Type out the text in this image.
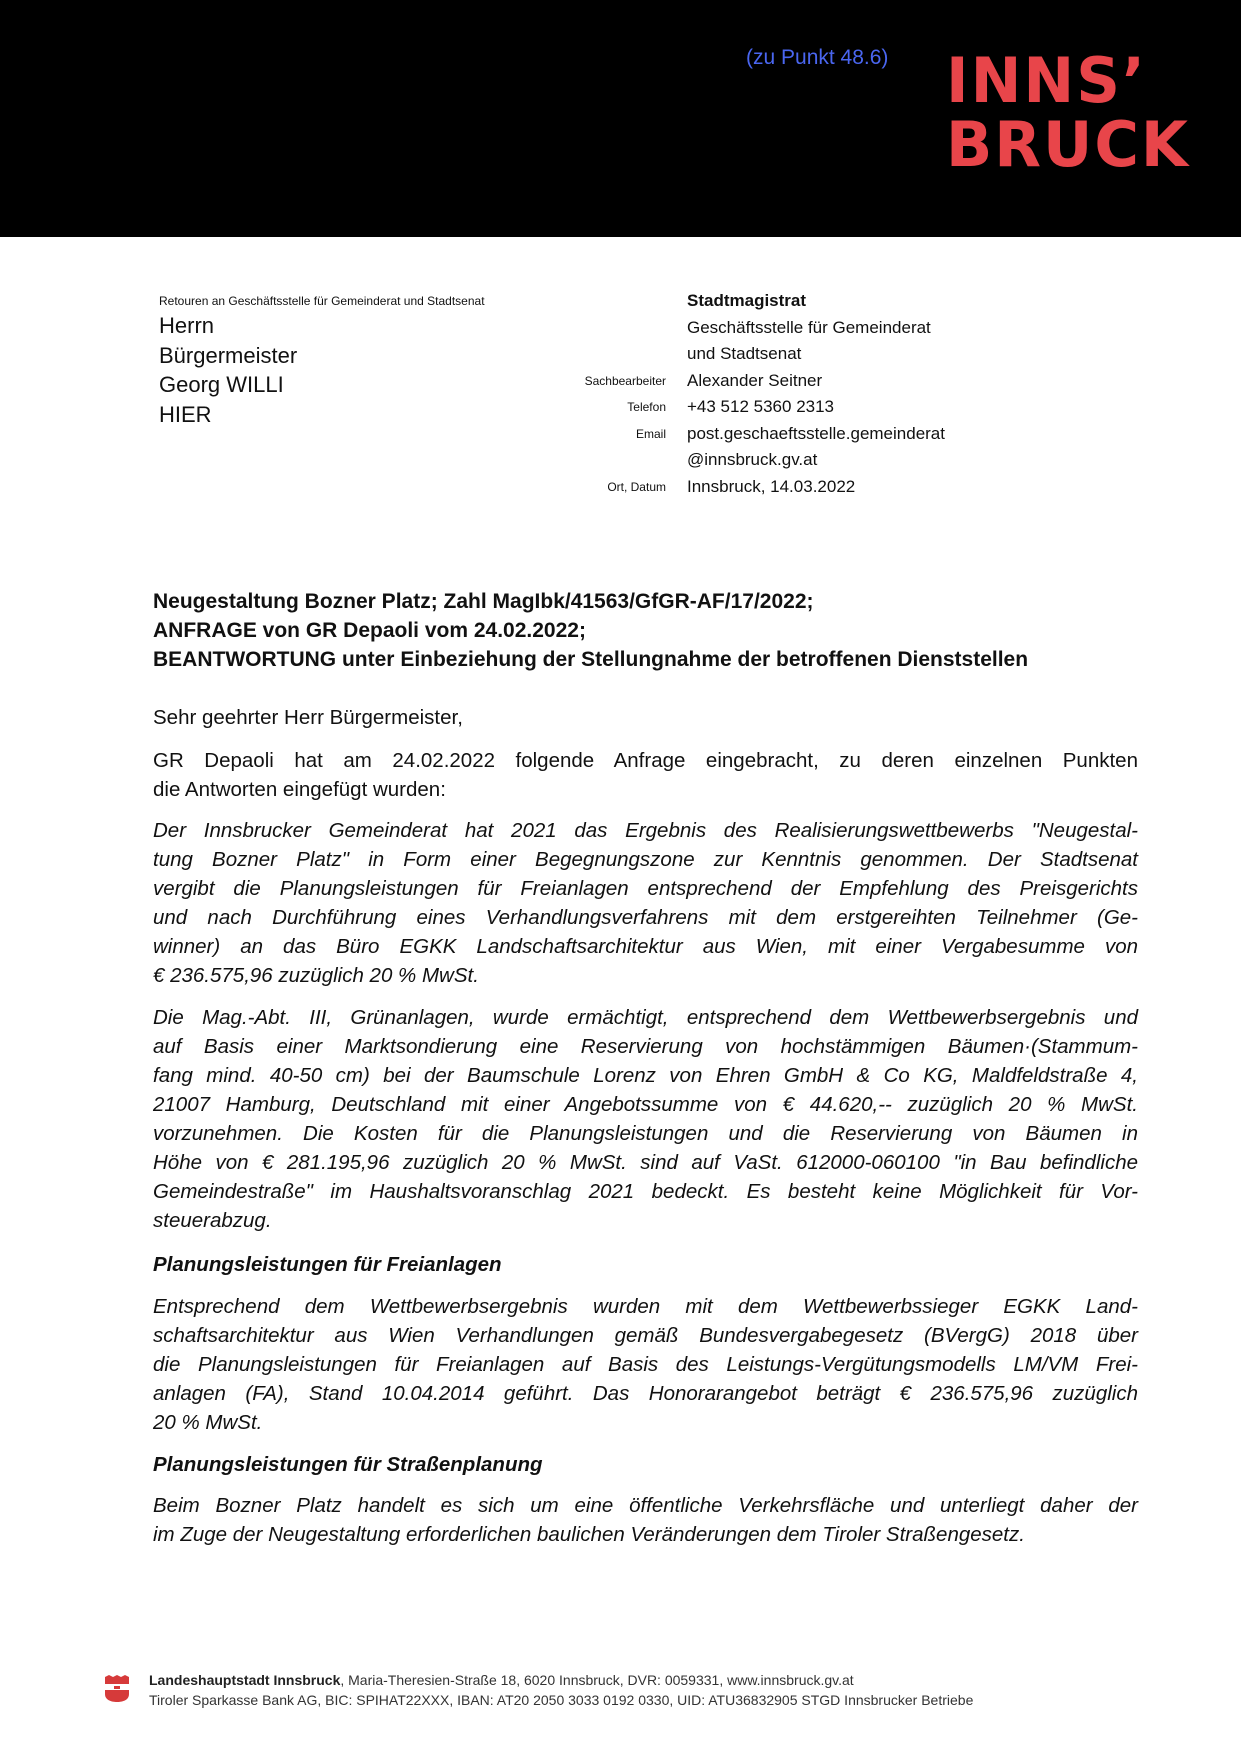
(zu Punkt 48.6) INNS’
BRUCK
Retouren an Geschäftsstelle für Gemeinderat und Stadtsenat
Herrn
Bürgermeister
Georg WILLI
HIER
Stadtmagistrat
Geschäftsstelle für Gemeinderat
und Stadtsenat
Alexander Seitner
+43 512 5360 2313
post.geschaeftsstelle.gemeinderat
@innsbruck.gv.at
Innsbruck, 14.03.2022
Sachbearbeiter
Telefon
Email
Ort, Datum
Neugestaltung Bozner Platz; Zahl MagIbk/41563/GfGR-AF/17/2022;
ANFRAGE von GR Depaoli vom 24.02.2022;
BEANTWORTUNG unter Einbeziehung der Stellungnahme der betroffenen Dienststellen
Sehr geehrter Herr Bürgermeister,
GR Depaoli hat am 24.02.2022 folgende Anfrage eingebracht, zu deren einzelnen Punkten
die Antworten eingefügt wurden:
Der Innsbrucker Gemeinderat hat 2021 das Ergebnis des Realisierungswettbewerbs "Neugestal-
tung Bozner Platz" in Form einer Begegnungszone zur Kenntnis genommen. Der Stadtsenat
vergibt die Planungsleistungen für Freianlagen entsprechend der Empfehlung des Preisgerichts
und nach Durchführung eines Verhandlungsverfahrens mit dem erstgereihten Teilnehmer (Ge-
winner) an das Büro EGKK Landschaftsarchitektur aus Wien, mit einer Vergabesumme von
€ 236.575,96 zuzüglich 20 % MwSt.
Die Mag.-Abt. III, Grünanlagen, wurde ermächtigt, entsprechend dem Wettbewerbsergebnis und
auf Basis einer Marktsondierung eine Reservierung von hochstämmigen Bäumen·(Stammum-
fang mind. 40-50 cm) bei der Baumschule Lorenz von Ehren GmbH & Co KG, Maldfeldstraße 4,
21007 Hamburg, Deutschland mit einer Angebotssumme von € 44.620,-- zuzüglich 20 % MwSt.
vorzunehmen. Die Kosten für die Planungsleistungen und die Reservierung von Bäumen in
Höhe von € 281.195,96 zuzüglich 20 % MwSt. sind auf VaSt. 612000-060100 "in Bau befindliche
Gemeindestraße" im Haushaltsvoranschlag 2021 bedeckt. Es besteht keine Möglichkeit für Vor-
steuerabzug.
Planungsleistungen für Freianlagen
Entsprechend dem Wettbewerbsergebnis wurden mit dem Wettbewerbssieger EGKK Land-
schaftsarchitektur aus Wien Verhandlungen gemäß Bundesvergabegesetz (BVergG) 2018 über
die Planungsleistungen für Freianlagen auf Basis des Leistungs-Vergütungsmodells LM/VM Frei-
anlagen (FA), Stand 10.04.2014 geführt. Das Honorarangebot beträgt € 236.575,96 zuzüglich
20 % MwSt.
Planungsleistungen für Straßenplanung
Beim Bozner Platz handelt es sich um eine öffentliche Verkehrsfläche und unterliegt daher der
im Zuge der Neugestaltung erforderlichen baulichen Veränderungen dem Tiroler Straßengesetz.
Landeshauptstadt Innsbruck, Maria-Theresien-Straße 18, 6020 Innsbruck, DVR: 0059331, www.innsbruck.gv.at
Tiroler Sparkasse Bank AG, BIC: SPIHAT22XXX, IBAN: AT20 2050 3033 0192 0330, UID: ATU36832905 STGD Innsbrucker Betriebe
